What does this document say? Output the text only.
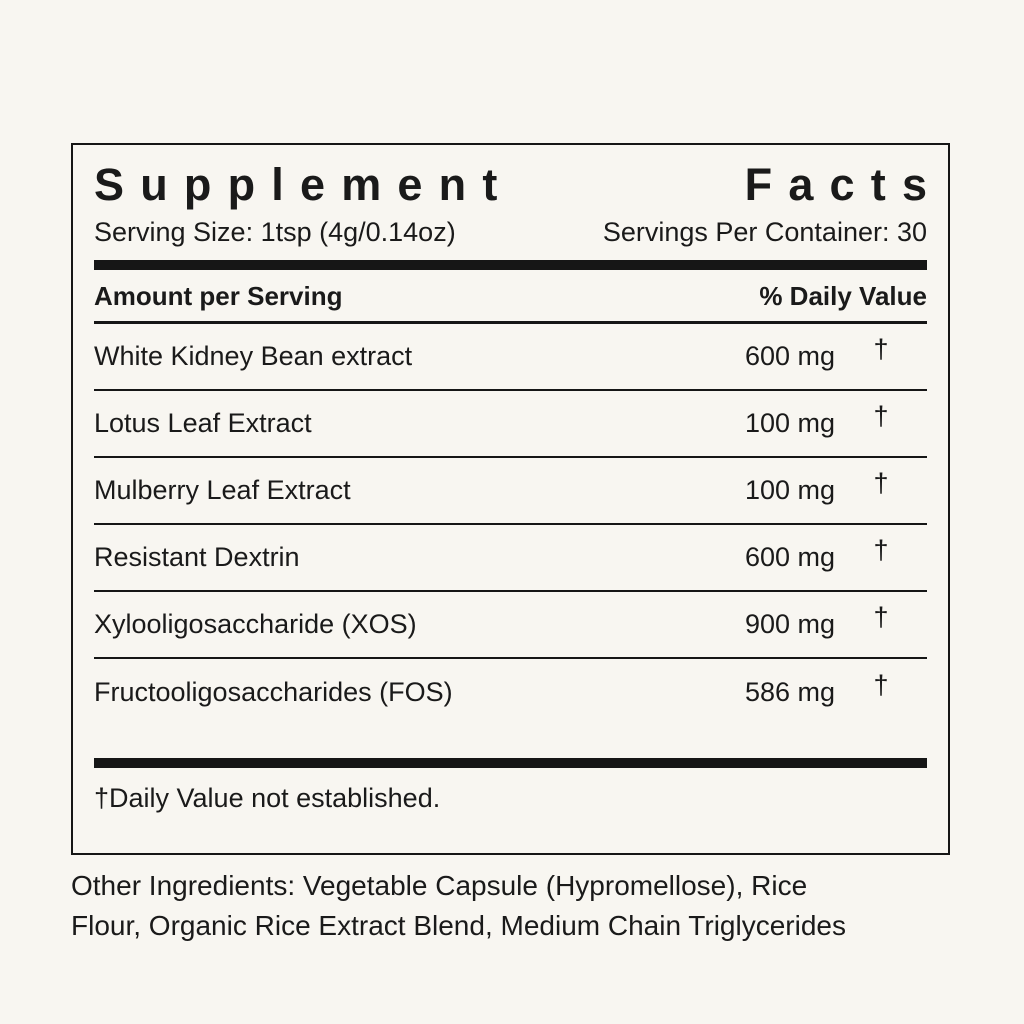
Supplement	Facts
Serving Size: 1tsp (4g/0.14oz)	Servings Per Container: 30
Amount per Serving	% Daily Value
White Kidney Bean extract	600 mg	†
Lotus Leaf Extract	100 mg	†
Mulberry Leaf Extract	100 mg	†
Resistant Dextrin	600 mg	†
Xylooligosaccharide (XOS)	900 mg	†
Fructooligosaccharides (FOS)	586 mg	†
†Daily Value not established.
Other Ingredients: Vegetable Capsule (Hypromellose), Rice
Flour, Organic Rice Extract Blend, Medium Chain Triglycerides
